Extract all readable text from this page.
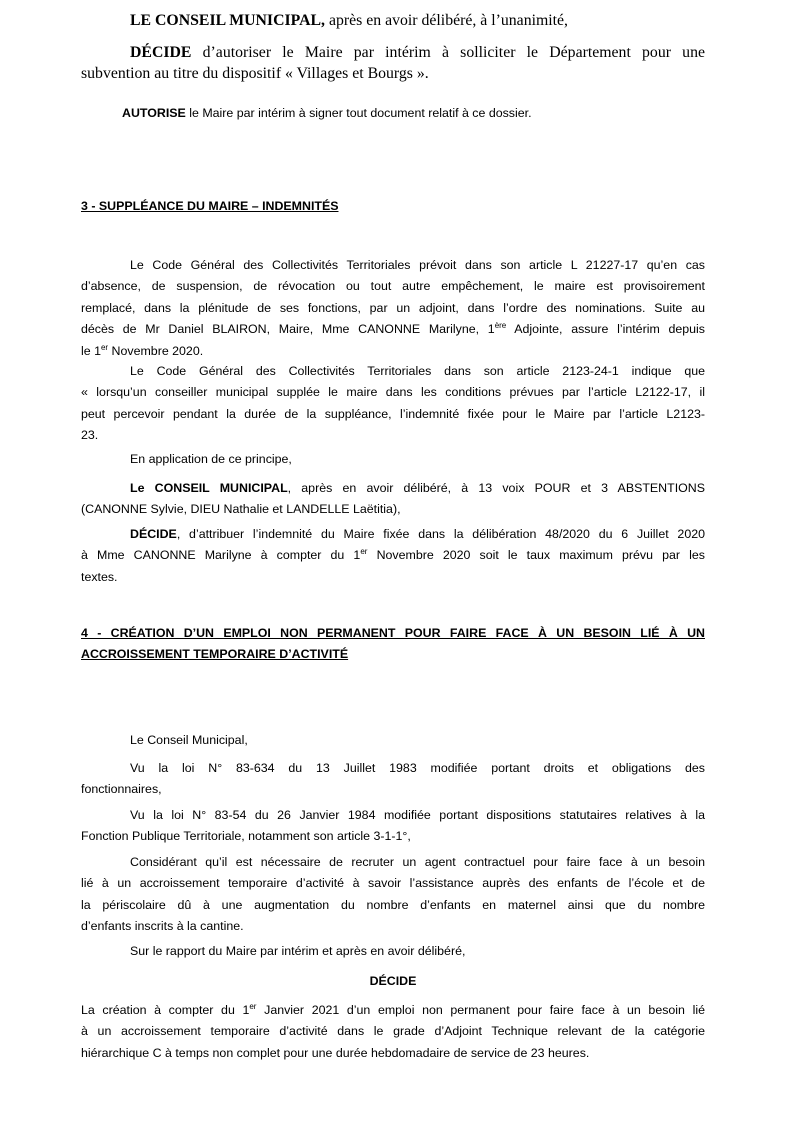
LE CONSEIL MUNICIPAL, après en avoir délibéré, à l’unanimité,
DÉCIDE d’autoriser le Maire par intérim à solliciter le Département pour une
subvention au titre du dispositif « Villages et Bourgs ».
AUTORISE le Maire par intérim à signer tout document relatif à ce dossier.
3 - SUPPLÉANCE DU MAIRE – INDEMNITÉS
Le Code Général des Collectivités Territoriales prévoit dans son article L 21227-17 qu’en cas
d’absence, de suspension, de révocation ou tout autre empêchement, le maire est provisoirement
remplacé, dans la plénitude de ses fonctions, par un adjoint, dans l’ordre des nominations. Suite au
décès de Mr Daniel BLAIRON, Maire, Mme CANONNE Marilyne, 1ère Adjointe, assure l’intérim depuis
le 1er Novembre 2020.
Le Code Général des Collectivités Territoriales dans son article 2123-24-1 indique que
« lorsqu’un conseiller municipal supplée le maire dans les conditions prévues par l’article L2122-17, il
peut percevoir pendant la durée de la suppléance, l’indemnité fixée pour le Maire par l’article L2123-
23.
En application de ce principe,
Le CONSEIL MUNICIPAL, après en avoir délibéré, à 13 voix POUR et 3 ABSTENTIONS
(CANONNE Sylvie, DIEU Nathalie et LANDELLE Laëtitia),
DÉCIDE, d’attribuer l’indemnité du Maire fixée dans la délibération 48/2020 du 6 Juillet 2020
à Mme CANONNE Marilyne à compter du 1er Novembre 2020 soit le taux maximum prévu par les
textes.
4 - CRÉATION D’UN EMPLOI NON PERMANENT POUR FAIRE FACE À UN BESOIN LIÉ À UN
ACCROISSEMENT TEMPORAIRE D’ACTIVITÉ
Le Conseil Municipal,
Vu la loi N° 83-634 du 13 Juillet 1983 modifiée portant droits et obligations des
fonctionnaires,
Vu la loi N° 83-54 du 26 Janvier 1984 modifiée portant dispositions statutaires relatives à la
Fonction Publique Territoriale, notamment son article 3-1-1°,
Considérant qu’il est nécessaire de recruter un agent contractuel pour faire face à un besoin
lié à un accroissement temporaire d’activité à savoir l’assistance auprès des enfants de l’école et de
la périscolaire dû à une augmentation du nombre d’enfants en maternel ainsi que du nombre
d’enfants inscrits à la cantine.
Sur le rapport du Maire par intérim et après en avoir délibéré,
DÉCIDE
La création à compter du 1er Janvier 2021 d’un emploi non permanent pour faire face à un besoin lié
à un accroissement temporaire d’activité dans le grade d’Adjoint Technique relevant de la catégorie
hiérarchique C à temps non complet pour une durée hebdomadaire de service de 23 heures.
